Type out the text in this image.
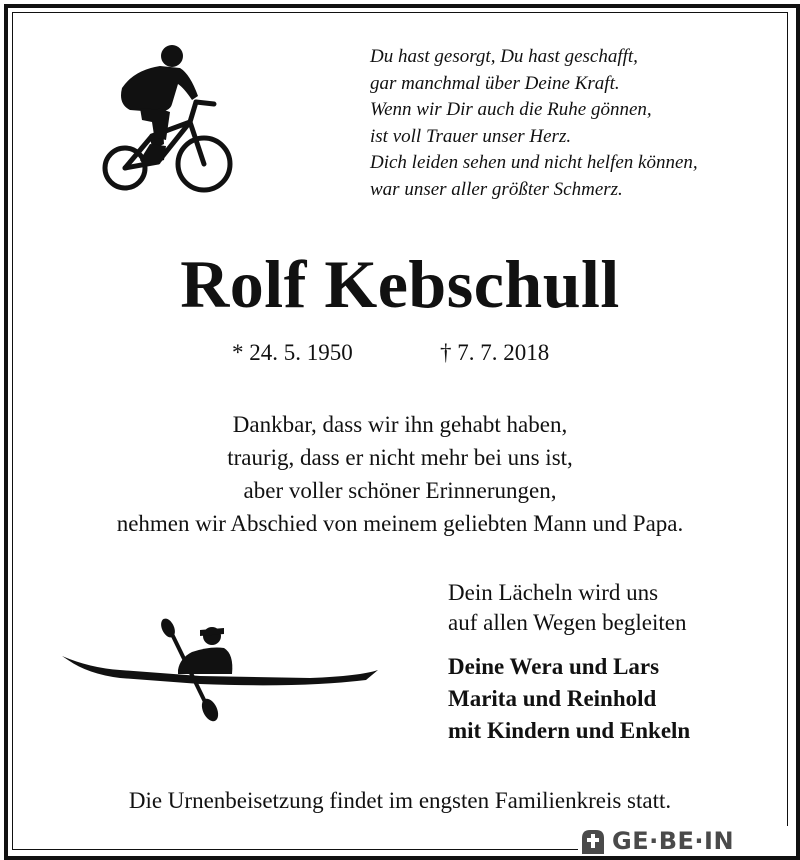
Du hast gesorgt, Du hast geschafft,
gar manchmal über Deine Kraft.
Wenn wir Dir auch die Ruhe gönnen,
ist voll Trauer unser Herz.
Dich leiden sehen und nicht helfen können,
war unser aller größter Schmerz.
Rolf Kebschull
* 24. 5. 1950	† 7. 7. 2018
Dankbar, dass wir ihn gehabt haben,
traurig, dass er nicht mehr bei uns ist,
aber voller schöner Erinnerungen,
nehmen wir Abschied von meinem geliebten Mann und Papa.
Dein Lächeln wird uns
auf allen Wegen begleiten
Deine Wera und Lars
Marita und Reinhold
mit Kindern und Enkeln
Die Urnenbeisetzung findet im engsten Familienkreis statt.
GE·BE·IN
